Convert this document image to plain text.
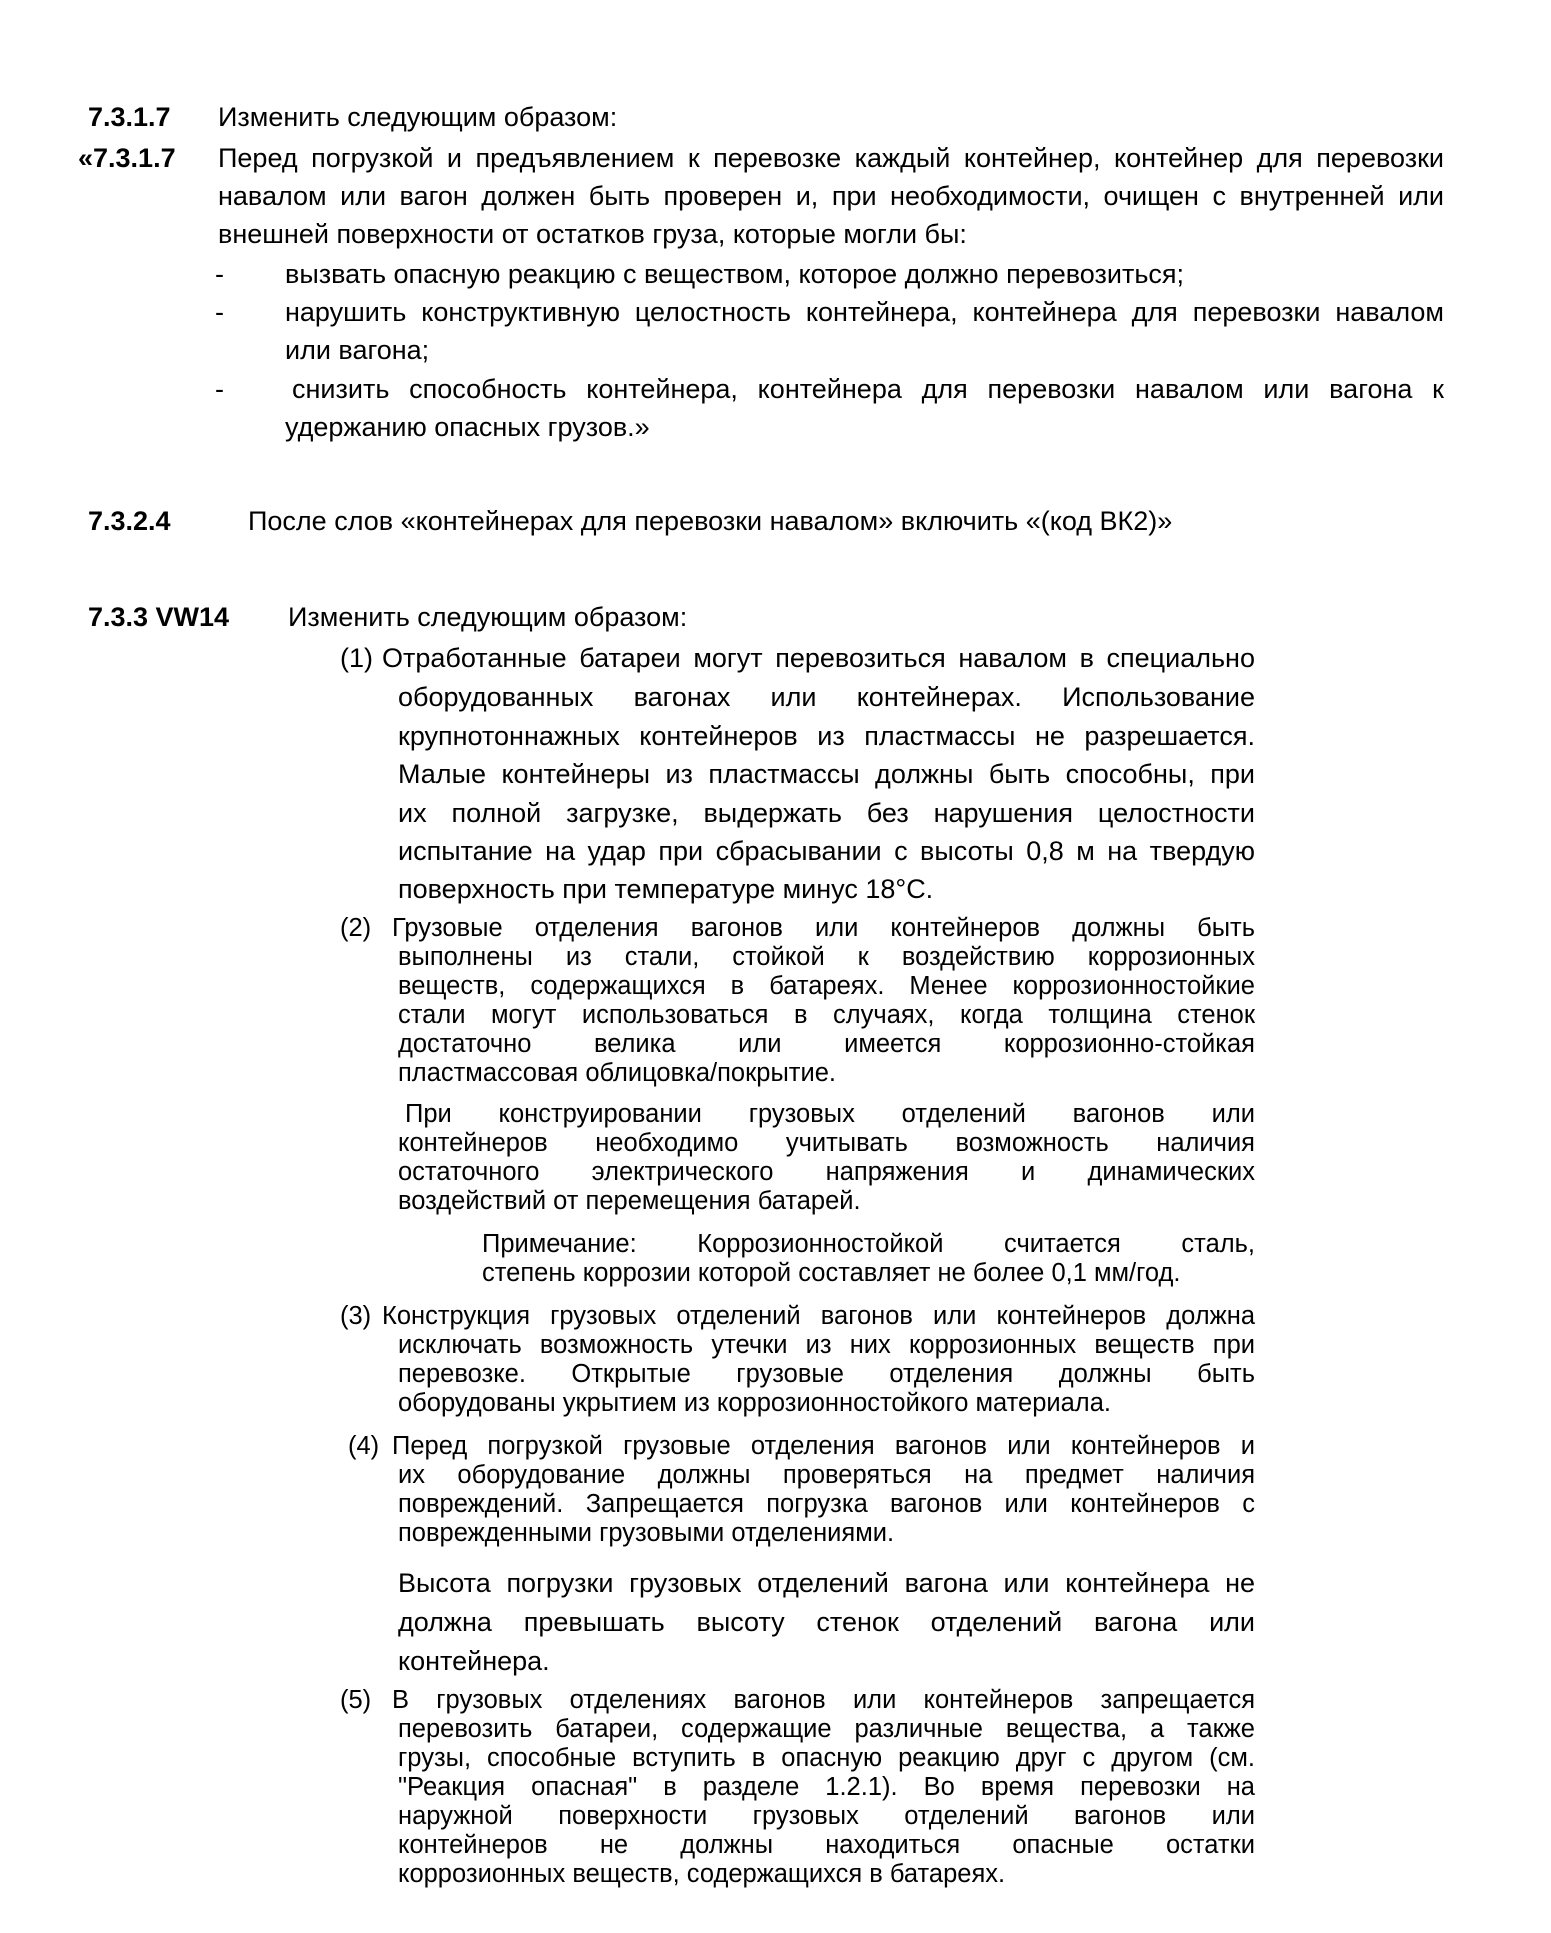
7.3.1.7 Изменить следующим образом:
«7.3.1.7 Перед погрузкой и предъявлением к перевозке каждый контейнер, контейнер для перевозки
навалом или вагон должен быть проверен и, при необходимости, очищен с внутренней или
внешней поверхности от остатков груза, которые могли бы:
- вызвать опасную реакцию с веществом, которое должно перевозиться;
- нарушить конструктивную целостность контейнера, контейнера для перевозки навалом
или вагона;
-	снизить способность контейнера, контейнера для перевозки навалом или вагона к
удержанию опасных грузов.»
7.3.2.4	После слов «контейнерах для перевозки навалом» включить «(код ВК2)»
7.3.3 VW14 Изменить следующим образом:
(1) Отработанные батареи могут перевозиться навалом в специально
оборудованных вагонах или контейнерах. Использование
крупнотоннажных контейнеров из пластмассы не разрешается.
Малые контейнеры из пластмассы должны быть способны, при
их полной загрузке, выдержать без нарушения целостности
испытание на удар при сбрасывании с высоты 0,8 м на твердую
поверхность при температуре минус 18°С.
(2) Грузовые отделения вагонов или контейнеров должны быть
выполнены из стали, стойкой к воздействию коррозионных
веществ, содержащихся в батареях. Менее коррозионностойкие
стали могут использоваться в случаях, когда толщина стенок
достаточно велика или имеется коррозионно-стойкая
пластмассовая облицовка/покрытие.
При конструировании грузовых отделений вагонов или
контейнеров необходимо учитывать возможность наличия
остаточного электрического напряжения и динамических
воздействий от перемещения батарей.
Примечание: Коррозионностойкой считается сталь,
степень коррозии которой составляет не более 0,1 мм/год.
(3) Конструкция грузовых отделений вагонов или контейнеров должна
исключать возможность утечки из них коррозионных веществ при
перевозке. Открытые грузовые отделения должны быть
оборудованы укрытием из коррозионностойкого материала.
(4) Перед погрузкой грузовые отделения вагонов или контейнеров и
их оборудование должны проверяться на предмет наличия
повреждений. Запрещается погрузка вагонов или контейнеров с
поврежденными грузовыми отделениями.
Высота погрузки грузовых отделений вагона или контейнера не
должна превышать высоту стенок отделений вагона или
контейнера.
(5) В грузовых отделениях вагонов или контейнеров запрещается
перевозить батареи, содержащие различные вещества, а также
грузы, способные вступить в опасную реакцию друг с другом (см.
"Реакция опасная" в разделе 1.2.1). Во время перевозки на
наружной поверхности грузовых отделений вагонов или
контейнеров не должны находиться опасные остатки
коррозионных веществ, содержащихся в батареях.
